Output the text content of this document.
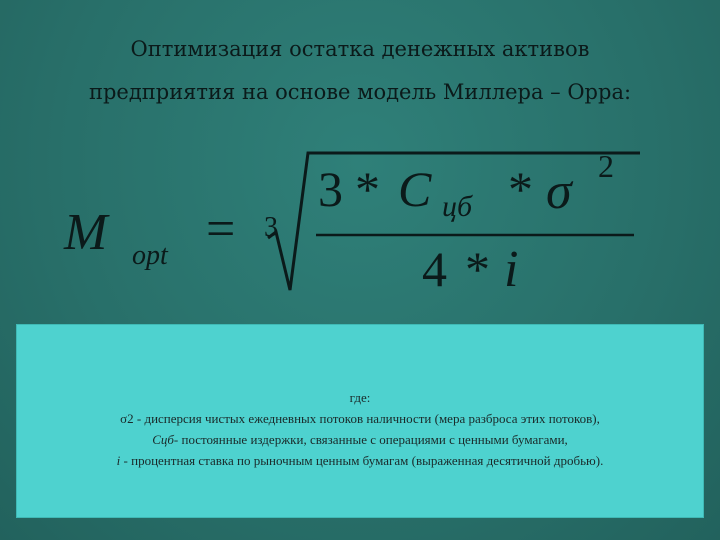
Оптимизация остатка денежных активов
предприятия на основе модель Миллера – Орра:
M opt = 3
3 * C цб * σ 2
4 * i
где:
σ2 - дисперсия чистых ежедневных потоков наличности (мера разброса этих потоков),
Сцб- постоянные издержки, связанные с операциями с ценными бумагами,
i - процентная ставка по рыночным ценным бумагам (выраженная десятичной дробью).
